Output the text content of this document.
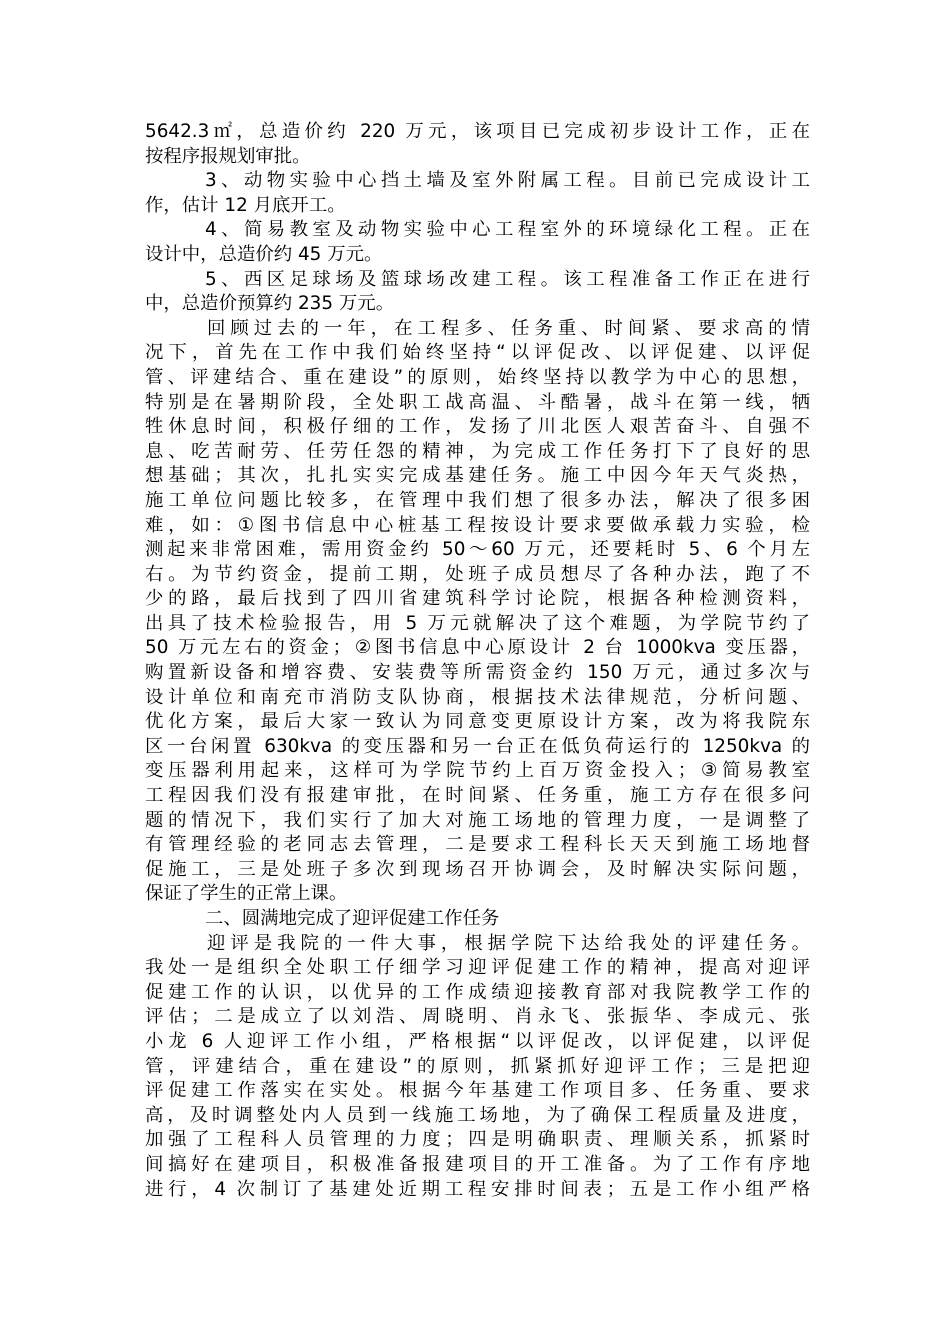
5642.3㎡，总造价约 220 万元，该项目已完成初步设计工作，正在
按程序报规划审批。
3、动物实验中心挡土墙及室外附属工程。目前已完成设计工
作，估计 12 月底开工。
4、简易教室及动物实验中心工程室外的环境绿化工程。正在
设计中，总造价约 45 万元。
5、西区足球场及篮球场改建工程。该工程准备工作正在进行
中，总造价预算约 235 万元。
回顾过去的一年，在工程多、任务重、时间紧、要求高的情
况下，首先在工作中我们始终坚持“以评促改、以评促建、以评促
管、评建结合、重在建设”的原则，始终坚持以教学为中心的思想，
特别是在暑期阶段，全处职工战高温、斗酷暑，战斗在第一线，牺
牲休息时间，积极仔细的工作，发扬了川北医人艰苦奋斗、自强不
息、吃苦耐劳、任劳任怨的精神，为完成工作任务打下了良好的思
想基础；其次，扎扎实实完成基建任务。施工中因今年天气炎热，
施工单位问题比较多，在管理中我们想了很多办法，解决了很多困
难，如：①图书信息中心桩基工程按设计要求要做承载力实验，检
测起来非常困难，需用资金约 50～60 万元，还要耗时 5、6 个月左
右。为节约资金，提前工期，处班子成员想尽了各种办法，跑了不
少的路，最后找到了四川省建筑科学讨论院，根据各种检测资料，
出具了技术检验报告，用 5 万元就解决了这个难题，为学院节约了
50 万元左右的资金；②图书信息中心原设计 2 台 1000kva 变压器，
购置新设备和增容费、安装费等所需资金约 150 万元，通过多次与
设计单位和南充市消防支队协商，根据技术法律规范，分析问题、
优化方案，最后大家一致认为同意变更原设计方案，改为将我院东
区一台闲置 630kva 的变压器和另一台正在低负荷运行的 1250kva 的
变压器利用起来，这样可为学院节约上百万资金投入；③简易教室
工程因我们没有报建审批，在时间紧、任务重，施工方存在很多问
题的情况下，我们实行了加大对施工场地的管理力度，一是调整了
有管理经验的老同志去管理，二是要求工程科长天天到施工场地督
促施工，三是处班子多次到现场召开协调会，及时解决实际问题，
保证了学生的正常上课。
二、圆满地完成了迎评促建工作任务
迎评是我院的一件大事，根据学院下达给我处的评建任务。
我处一是组织全处职工仔细学习迎评促建工作的精神，提高对迎评
促建工作的认识，以优异的工作成绩迎接教育部对我院教学工作的
评估；二是成立了以刘浩、周晓明、肖永飞、张振华、李成元、张
小龙 6 人迎评工作小组，严格根据“以评促改，以评促建，以评促
管，评建结合，重在建设”的原则，抓紧抓好迎评工作；三是把迎
评促建工作落实在实处。根据今年基建工作项目多、任务重、要求
高，及时调整处内人员到一线施工场地，为了确保工程质量及进度，
加强了工程科人员管理的力度；四是明确职责、理顺关系，抓紧时
间搞好在建项目，积极准备报建项目的开工准备。为了工作有序地
进行，4 次制订了基建处近期工程安排时间表；五是工作小组严格
